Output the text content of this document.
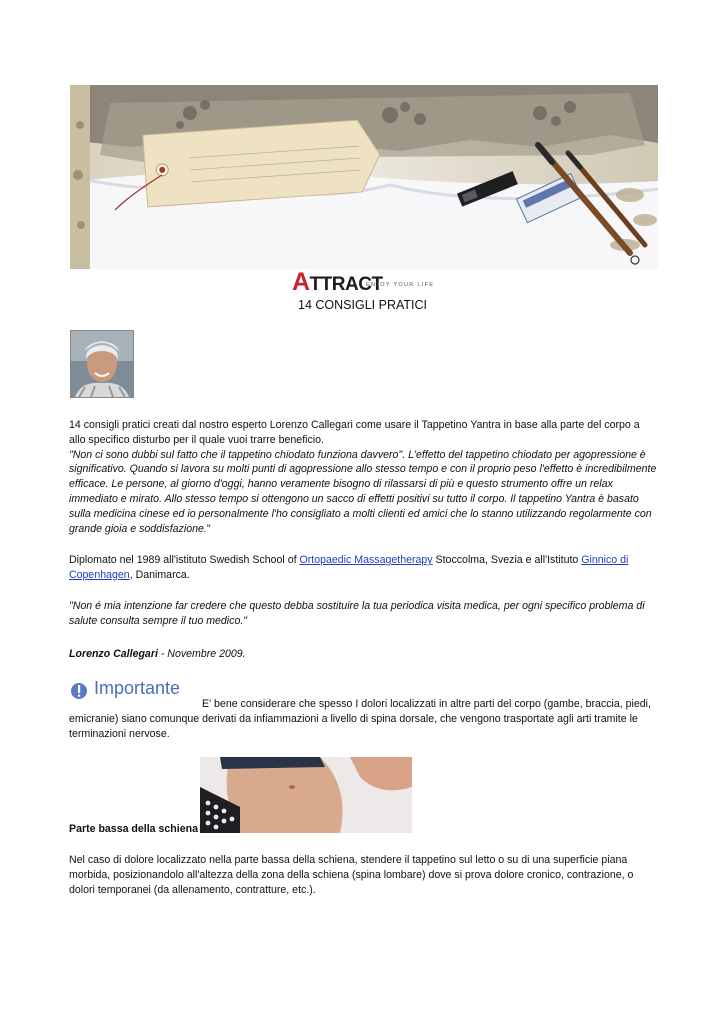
ATTRACT
ENJOY YOUR LIFE
14 CONSIGLI PRATICI
14 consigli pratici creati dal nostro esperto Lorenzo Callegari come usare il Tappetino Yantra in base alla parte del corpo a allo specifico disturbo per il quale vuoi trarre beneficio.
"Non ci sono dubbi sul fatto che il tappetino chiodato funziona davvero". L'effetto del tappetino chiodato per agopressione è significativo. Quando si lavora su molti punti di agopressione allo stesso tempo e con il proprio peso l'effetto è incredibilmente efficace. Le persone, al giorno d'oggi, hanno veramente bisogno di rilassarsi di più e questo strumento offre un relax immediato e mirato. Allo stesso tempo si ottengono un sacco di effetti positivi su tutto il corpo. Il tappetino Yantra è basato sulla medicina cinese ed io personalmente l'ho consigliato a molti clienti ed amici che lo stanno utilizzando regolarmente con grande gioia e soddisfazione."
Diplomato nel 1989 all'istituto Swedish School of Ortopaedic Massagetherapy Stoccolma, Svezia e all'Istituto Ginnico di Copenhagen, Danimarca.
"Non é mia intenzione far credere che questo debba sostituire la tua periodica visita medica, per ogni specifico problema di salute consulta sempre il tuo medico."
Lorenzo Callegari - Novembre 2009.
Importante
E' bene considerare che spesso I dolori localizzati in altre parti del corpo (gambe, braccia, piedi, emicranie) siano comunque derivati da infiammazioni a livello di spina dorsale, che vengono trasportate agli arti tramite le terminazioni nervose.
Parte bassa della schiena
Nel caso di dolore localizzato nella parte bassa della schiena, stendere il tappetino sul letto o su di una superficie piana morbida, posizionandolo all'altezza della zona della schiena (spina lombare) dove si prova dolore cronico, contrazione, o dolori temporanei (da allenamento, contratture, etc.).
